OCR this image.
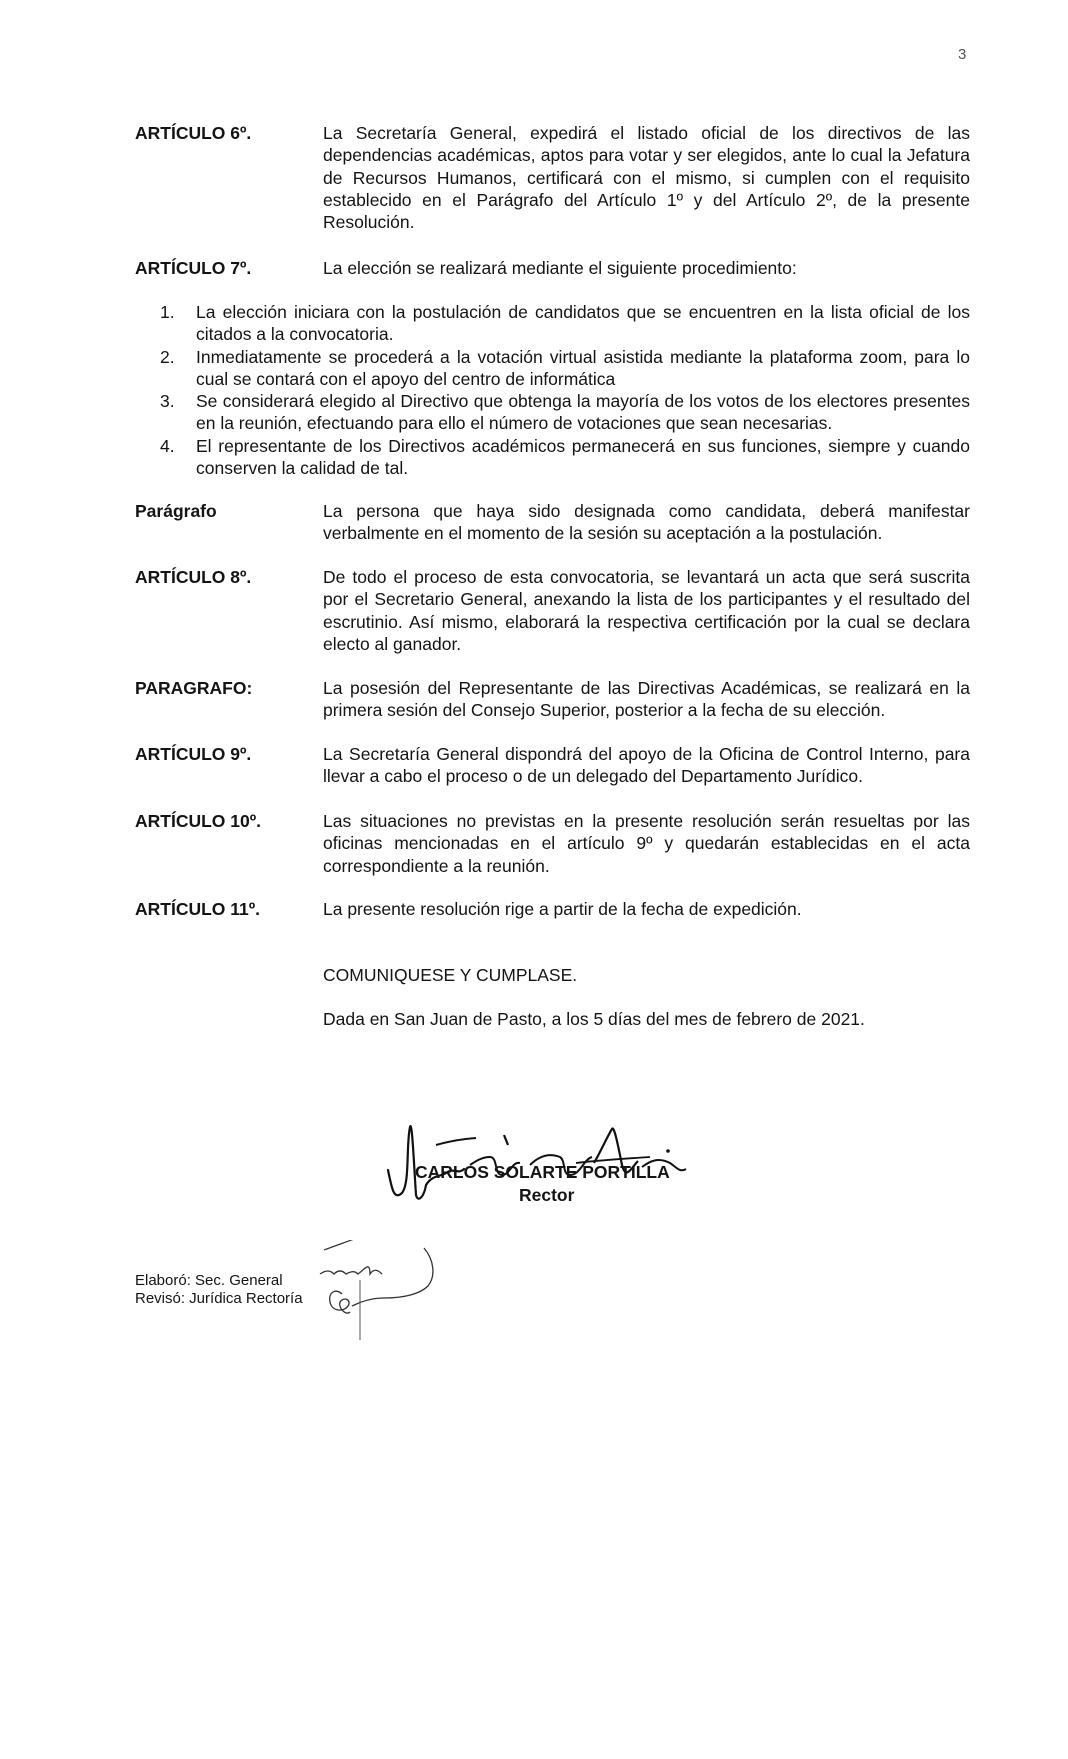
3
ARTÍCULO 6º.	La Secretaría General, expedirá el listado oficial de los directivos de las dependencias académicas, aptos para votar y ser elegidos, ante lo cual la Jefatura de Recursos Humanos, certificará con el mismo, si cumplen con el requisito establecido en el Parágrafo del Artículo 1º y del Artículo 2º, de la presente Resolución.
ARTÍCULO 7º.	La elección se realizará mediante el siguiente procedimiento:
1.	La elección iniciara con la postulación de candidatos que se encuentren en la lista oficial de los citados a la convocatoria.
2.	Inmediatamente se procederá a la votación virtual asistida mediante la plataforma zoom, para lo cual se contará con el apoyo del centro de informática
3.	Se considerará elegido al Directivo que obtenga la mayoría de los votos de los electores presentes en la reunión, efectuando para ello el número de votaciones que sean necesarias.
4.	El representante de los Directivos académicos permanecerá en sus funciones, siempre y cuando conserven la calidad de tal.
Parágrafo	La persona que haya sido designada como candidata, deberá manifestar verbalmente en el momento de la sesión su aceptación a la postulación.
ARTÍCULO 8º.	De todo el proceso de esta convocatoria, se levantará un acta que será suscrita por el Secretario General, anexando la lista de los participantes y el resultado del escrutinio. Así mismo, elaborará la respectiva certificación por la cual se declara electo al ganador.
PARAGRAFO:	La posesión del Representante de las Directivas Académicas, se realizará en la primera sesión del Consejo Superior, posterior a la fecha de su elección.
ARTÍCULO 9º.	La Secretaría General dispondrá del apoyo de la Oficina de Control Interno, para llevar a cabo el proceso o de un delegado del Departamento Jurídico.
ARTÍCULO 10º.	Las situaciones no previstas en la presente resolución serán resueltas por las oficinas mencionadas en el artículo 9º y quedarán establecidas en el acta correspondiente a la reunión.
ARTÍCULO 11º.	La presente resolución rige a partir de la fecha de expedición.
COMUNIQUESE Y CUMPLASE.
Dada en San Juan de Pasto, a los 5 días del mes de febrero de 2021.
CARLOS SOLARTE PORTILLA
Rector
Elaboró: Sec. General
Revisó: Jurídica Rectoría
